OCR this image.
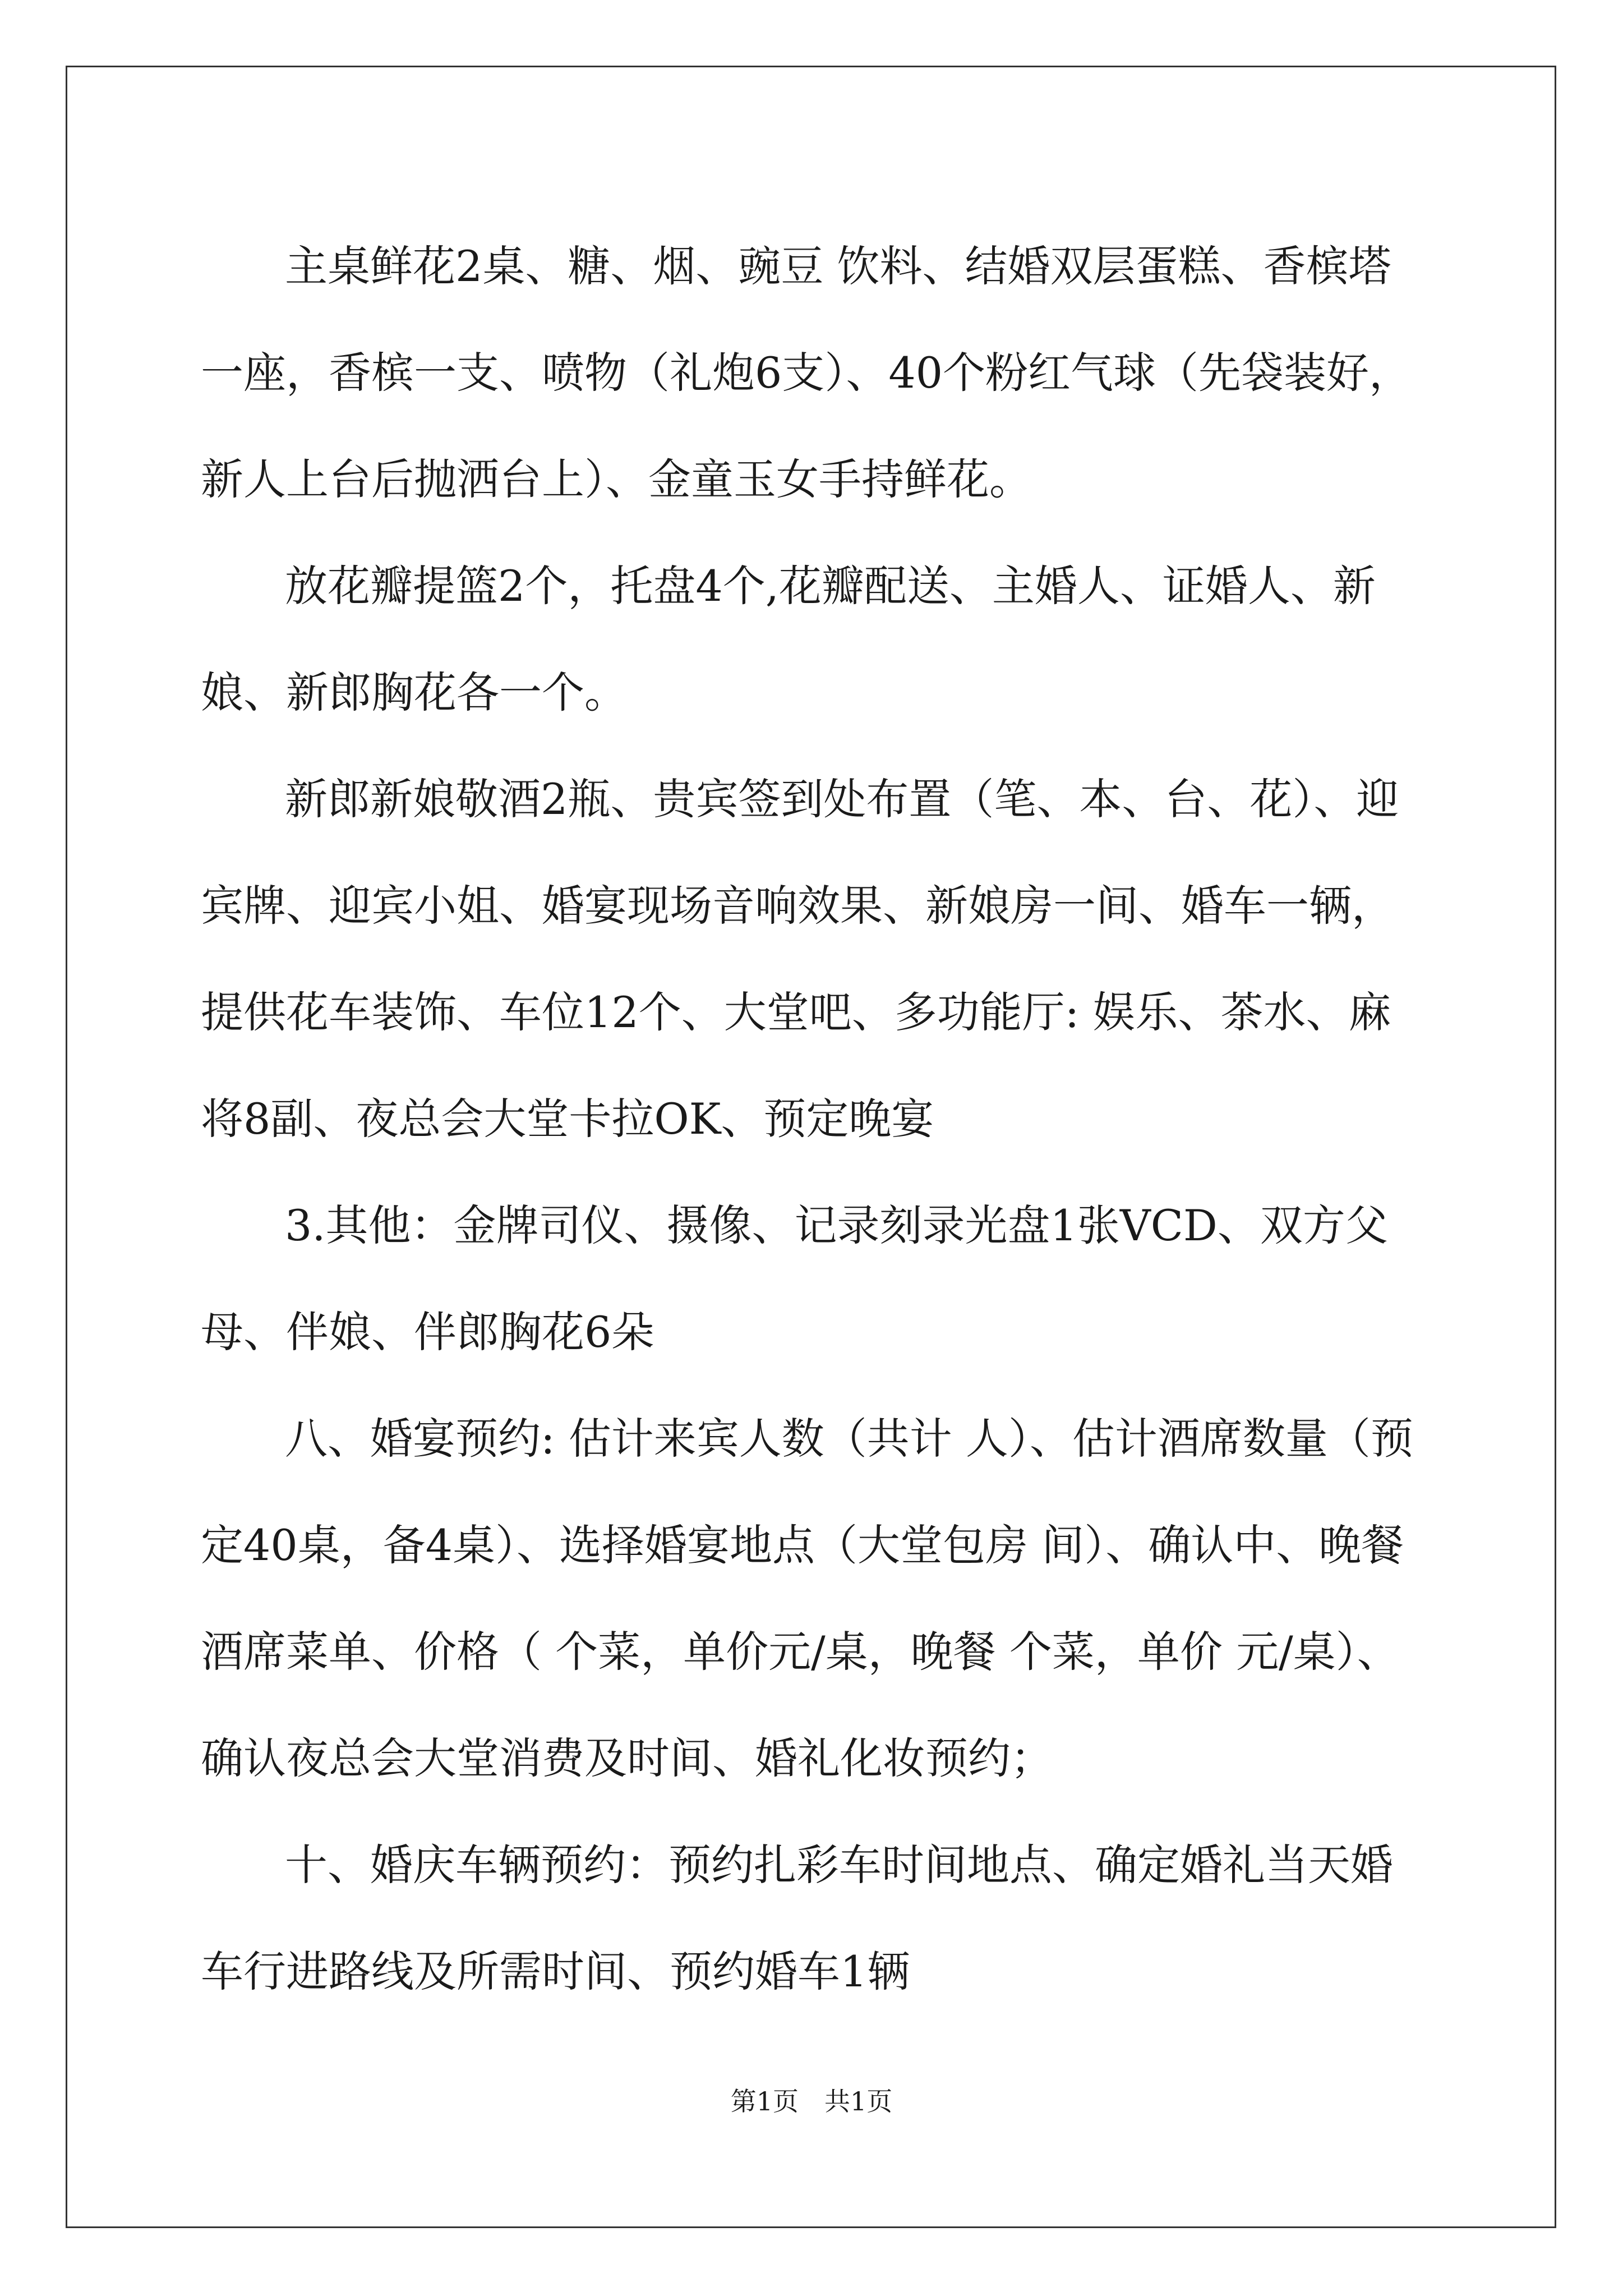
主桌鲜花2桌、糖、烟、豌豆 饮料、结婚双层蛋糕、香槟塔一座，香槟一支、喷物（礼炮6支）、40个粉红气球（先袋装好，新人上台后抛洒台上）、金童玉女手持鲜花。

放花瓣提篮2个，托盘4个,花瓣配送、主婚人、证婚人、新娘、新郎胸花各一个。

新郎新娘敬酒2瓶、贵宾签到处布置（笔、本、台、花）、迎宾牌、迎宾小姐、婚宴现场音响效果、新娘房一间、婚车一辆，提供花车装饰、车位12个、大堂吧、多功能厅: 娱乐、茶水、麻将8副、夜总会大堂卡拉OK、预定晚宴

3.其他：金牌司仪、摄像、记录刻录光盘1张VCD、双方父母、伴娘、伴郎胸花6朵

八、婚宴预约: 估计来宾人数（共计 人）、估计酒席数量（预定40桌，备4桌）、选择婚宴地点（大堂包房 间）、确认中、晚餐酒席菜单、价格（ 个菜，单价元/桌，晚餐 个菜，单价 元/桌）、确认夜总会大堂消费及时间、婚礼化妆预约；

十、婚庆车辆预约：预约扎彩车时间地点、确定婚礼当天婚车行进路线及所需时间、预约婚车1辆

第1页 共1页
